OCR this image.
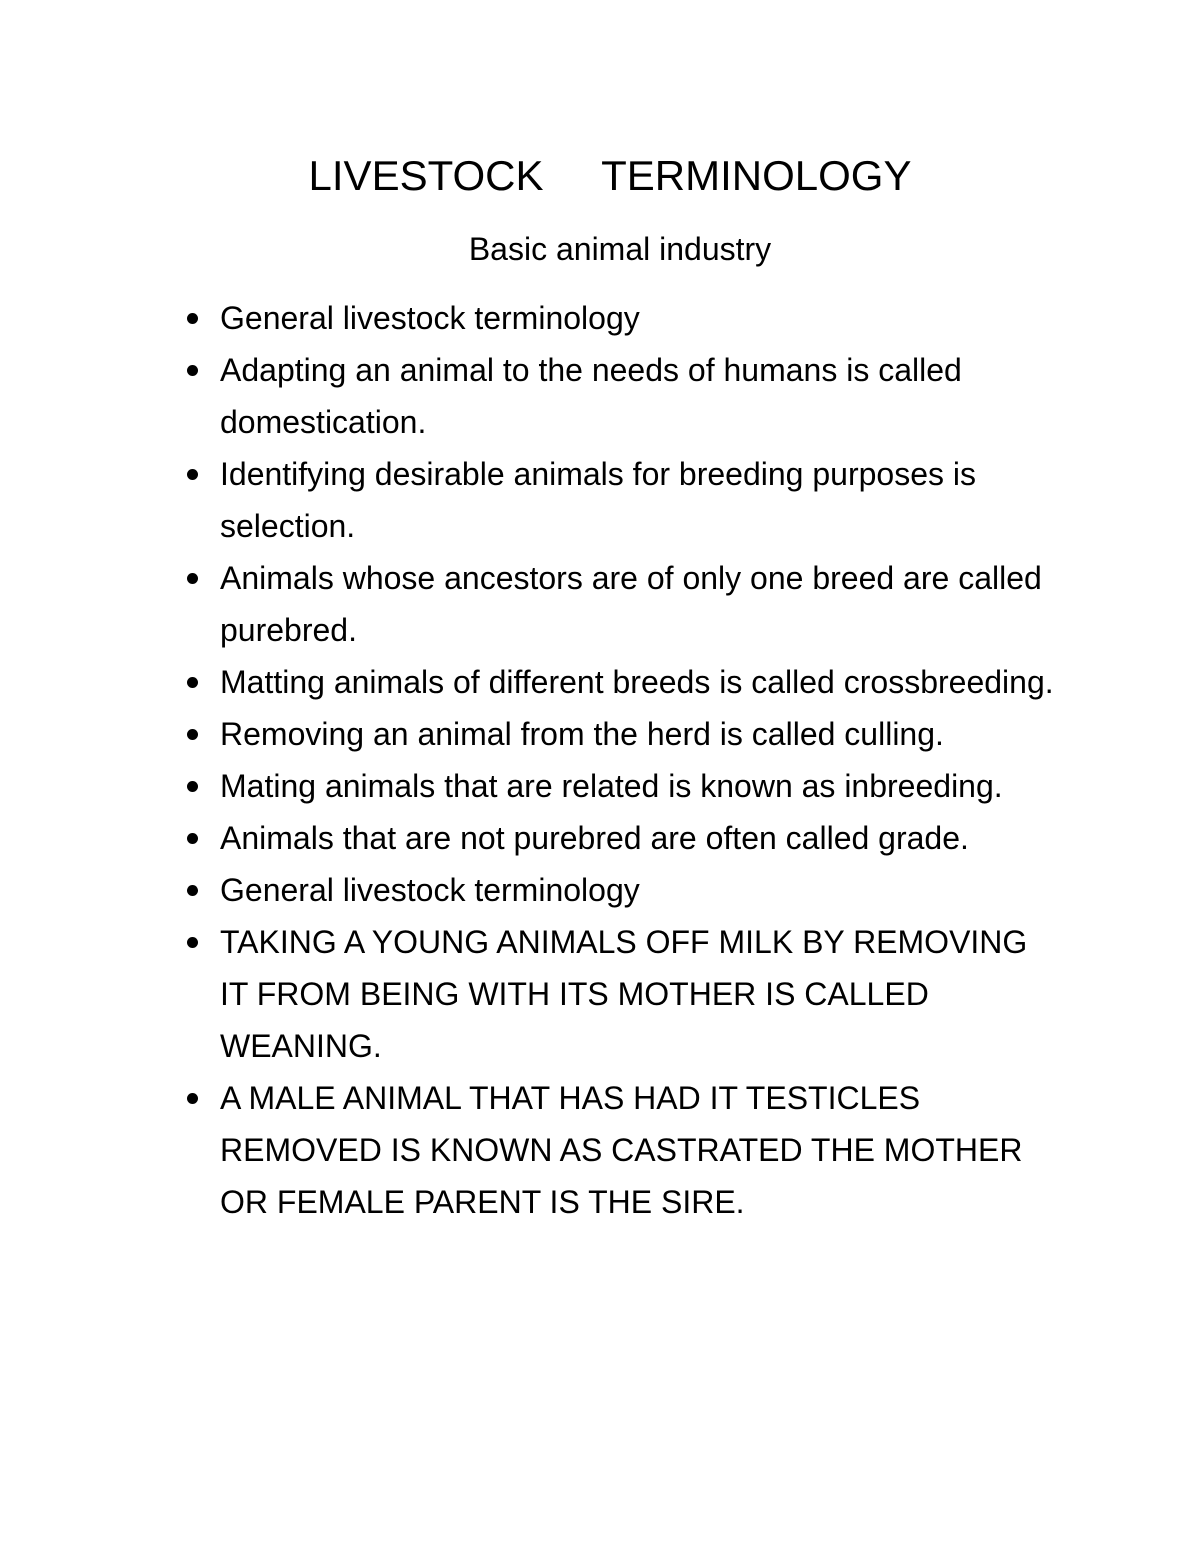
LIVESTOCK     TERMINOLOGY
Basic animal industry
General livestock terminology
Adapting an animal to the needs of humans is called domestication.
Identifying desirable animals for breeding purposes is selection.
Animals whose ancestors are of only one breed are called purebred.
Matting animals of different breeds is called crossbreeding.
Removing an animal from the herd is called culling.
Mating animals that are related is known as inbreeding.
Animals that are not purebred are often called grade.
General livestock terminology
TAKING A YOUNG ANIMALS OFF MILK BY REMOVING IT FROM BEING WITH ITS MOTHER IS CALLED WEANING.
A MALE ANIMAL THAT HAS HAD IT TESTICLES REMOVED IS KNOWN AS CASTRATED THE MOTHER OR FEMALE PARENT IS THE SIRE.
